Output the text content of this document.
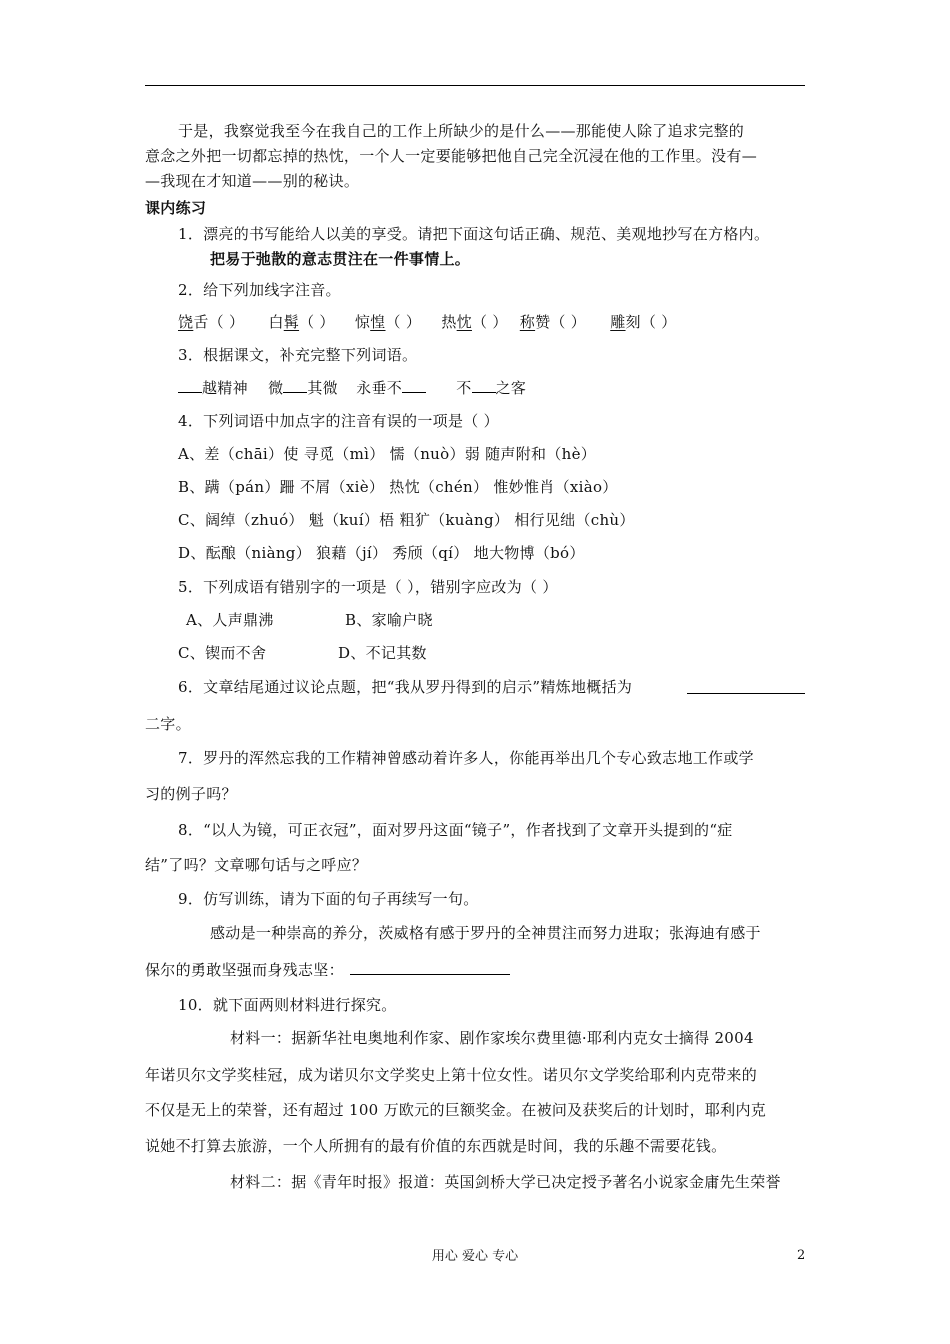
于是，我察觉我至今在我自己的工作上所缺少的是什么——那能使人除了追求完整的
意念之外把一切都忘掉的热忱，一个人一定要能够把他自己完全沉浸在他的工作里。没有—
—我现在才知道——别的秘诀。
课内练习
1．漂亮的书写能给人以美的享受。请把下面这句话正确、规范、美观地抄写在方格内。
把易于弛散的意志贯注在一件事情上。
2．给下列加线字注音。
饶舌（ ） 白髯（ ） 惊惶（ ） 热忱（ ） 称赞（ ） 雕刻（ ）
3．根据课文，补充完整下列词语。
越精神 微 其微 永垂不	不 之客
4．下列词语中加点字的注音有误的一项是（ ）
A、差（chāi）使 寻觅（mì） 懦（nuò）弱 随声附和（hè）
B、蹒（pán）跚 不屑（xiè） 热忱（chén） 惟妙惟肖（xiào）
C、阔绰（zhuó） 魁（kuí）梧 粗犷（kuàng） 相行见绌（chù）
D、酝酿（niàng） 狼藉（jí） 秀颀（qí） 地大物博（bó）
5．下列成语有错别字的一项是（ ），错别字应改为（ ）
A、人声鼎沸	B、家喻户晓
C、锲而不舍	D、不记其数
6．文章结尾通过议论点题，把“我从罗丹得到的启示”精炼地概括为
二字。
7．罗丹的浑然忘我的工作精神曾感动着许多人，你能再举出几个专心致志地工作或学
习的例子吗？
8．“以人为镜，可正衣冠”，面对罗丹这面“镜子”，作者找到了文章开头提到的“症
结”了吗？文章哪句话与之呼应？
9．仿写训练，请为下面的句子再续写一句。
感动是一种崇高的养分，茨威格有感于罗丹的全神贯注而努力进取；张海迪有感于
保尔的勇敢坚强而身残志坚：
10．就下面两则材料进行探究。
材料一：据新华社电奥地利作家、剧作家埃尔费里德·耶利内克女士摘得 2004
年诺贝尔文学奖桂冠，成为诺贝尔文学奖史上第十位女性。诺贝尔文学奖给耶利内克带来的
不仅是无上的荣誉，还有超过 100 万欧元的巨额奖金。在被问及获奖后的计划时，耶利内克
说她不打算去旅游，一个人所拥有的最有价值的东西就是时间，我的乐趣不需要花钱。
材料二：据《青年时报》报道：英国剑桥大学已决定授予著名小说家金庸先生荣誉
用心 爱心 专心	2
